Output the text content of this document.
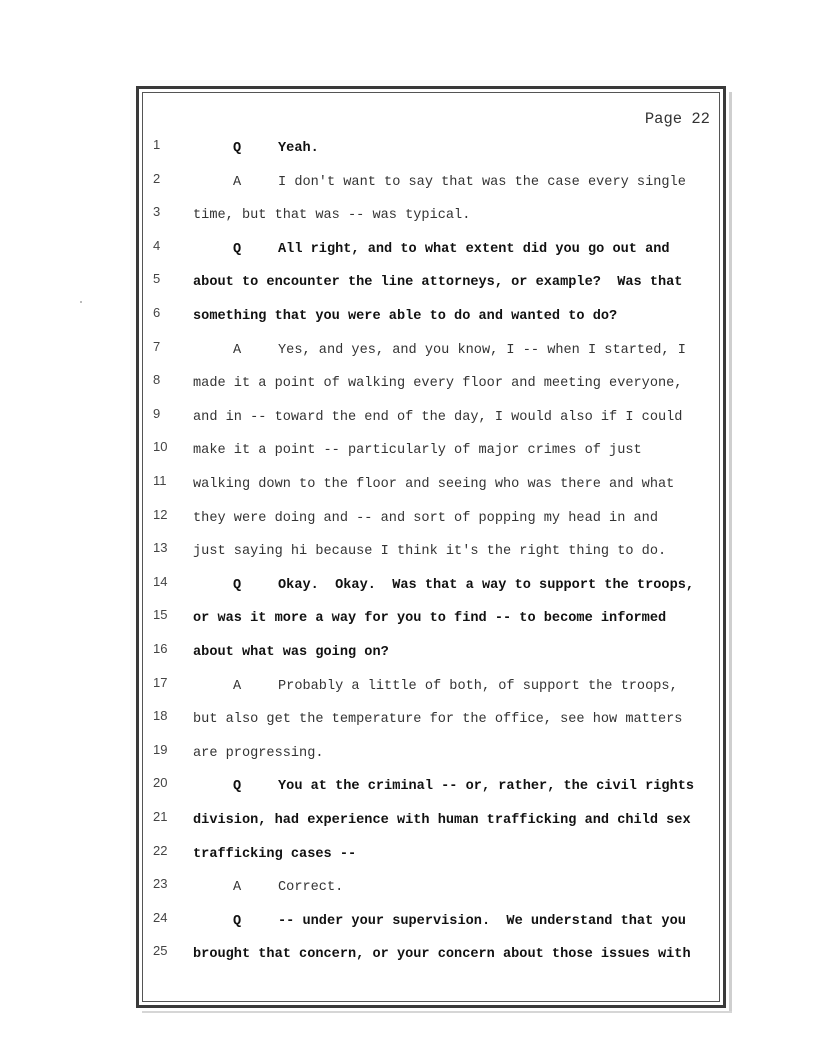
Page 22
1	Q	Yeah.
2	A	I don't want to say that was the case every single
3 time, but that was -- was typical.
4	Q	All right, and to what extent did you go out and
5 about to encounter the line attorneys, or example?  Was that
6 something that you were able to do and wanted to do?
7	A	Yes, and yes, and you know, I -- when I started, I
8 made it a point of walking every floor and meeting everyone,
9 and in -- toward the end of the day, I would also if I could
10 make it a point -- particularly of major crimes of just
11 walking down to the floor and seeing who was there and what
12 they were doing and -- and sort of popping my head in and
13 just saying hi because I think it's the right thing to do.
14	Q	Okay.  Okay.  Was that a way to support the troops,
15 or was it more a way for you to find -- to become informed
16 about what was going on?
17	A	Probably a little of both, of support the troops,
18 but also get the temperature for the office, see how matters
19 are progressing.
20	Q	You at the criminal -- or, rather, the civil rights
21 division, had experience with human trafficking and child sex
22 trafficking cases --
23	A	Correct.
24	Q	-- under your supervision.  We understand that you
25 brought that concern, or your concern about those issues with
